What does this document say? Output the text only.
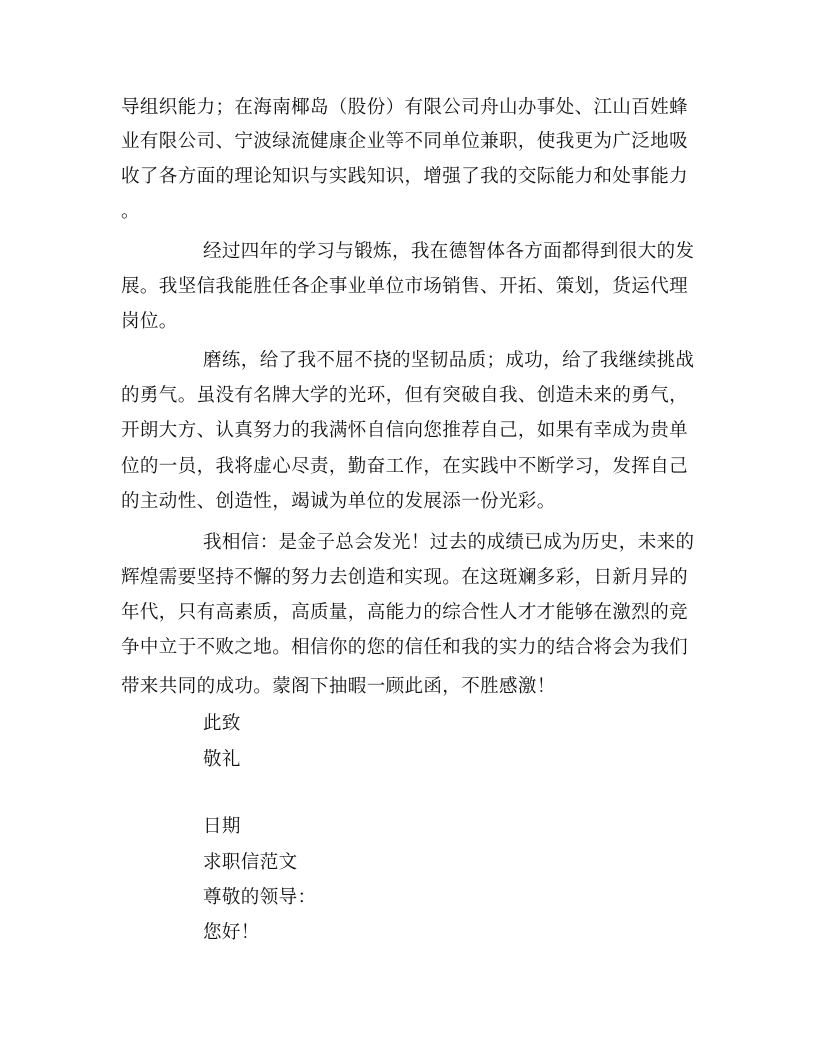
导组织能力；在海南椰岛（股份）有限公司舟山办事处、江山百姓蜂
业有限公司、宁波绿流健康企业等不同单位兼职，使我更为广泛地吸
收了各方面的理论知识与实践知识，增强了我的交际能力和处事能力
。
经过四年的学习与锻炼，我在德智体各方面都得到很大的发
展。我坚信我能胜任各企事业单位市场销售、开拓、策划，货运代理
岗位。
磨练，给了我不屈不挠的坚韧品质；成功，给了我继续挑战
的勇气。虽没有名牌大学的光环，但有突破自我、创造未来的勇气，
开朗大方、认真努力的我满怀自信向您推荐自己，如果有幸成为贵单
位的一员，我将虚心尽责，勤奋工作，在实践中不断学习，发挥自己
的主动性、创造性，竭诚为单位的发展添一份光彩。
我相信：是金子总会发光！过去的成绩已成为历史，未来的
辉煌需要坚持不懈的努力去创造和实现。在这斑斓多彩，日新月异的
年代，只有高素质，高质量，高能力的综合性人才才能够在激烈的竞
争中立于不败之地。相信你的您的信任和我的实力的结合将会为我们
带来共同的成功。蒙阁下抽暇一顾此函，不胜感激！
此致
敬礼
日期
求职信范文
尊敬的领导：
您好！
